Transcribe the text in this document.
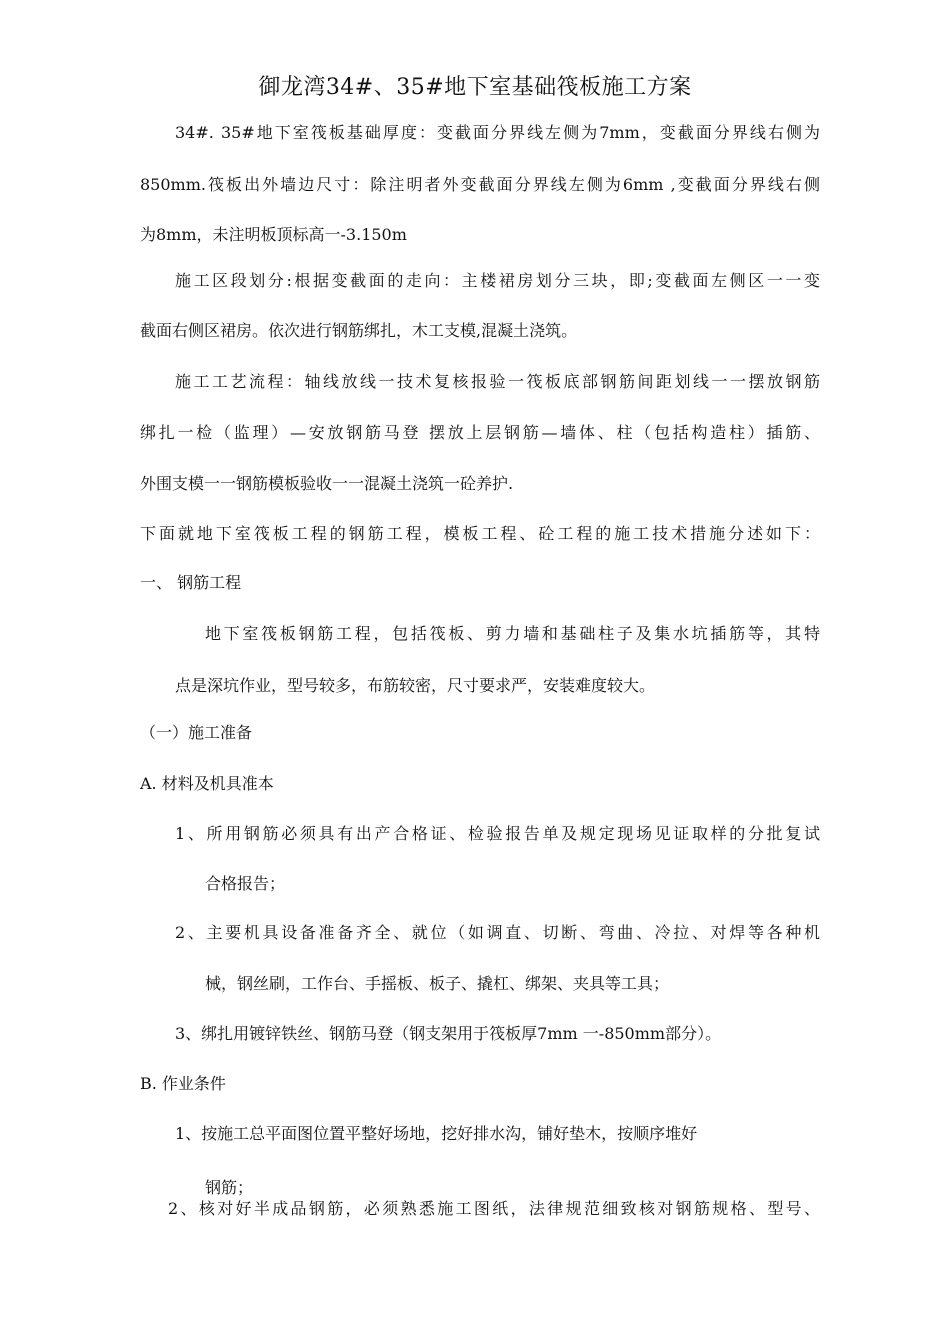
御龙湾34#、35#地下室基础筏板施工方案
34#. 35#地下室筏板基础厚度：变截面分界线左侧为7mm，变截面分界线右侧为
850mm.筏板出外墙边尺寸：除注明者外变截面分界线左侧为6mm ,变截面分界线右侧
为8mm，未注明板顶标高一-3.150m
施工区段划分:根据变截面的走向：主楼裙房划分三块，即;变截面左侧区一一变
截面右侧区裙房。依次进行钢筋绑扎，木工支模,混凝土浇筑。
施工工艺流程：轴线放线一技术复核报验一筏板底部钢筋间距划线一一摆放钢筋
绑扎一检（监理）—安放钢筋马登 摆放上层钢筋—墙体、柱（包括构造柱）插筋、
外围支模一一钢筋模板验收一一混凝土浇筑一砼养护.
下面就地下室筏板工程的钢筋工程，模板工程、砼工程的施工技术措施分述如下：
一、 钢筋工程
地下室筏板钢筋工程，包括筏板、剪力墙和基础柱子及集水坑插筋等，其特
点是深坑作业，型号较多，布筋较密，尺寸要求严，安装难度较大。
（一）施工准备
A. 材料及机具准本
1、所用钢筋必须具有出产合格证、检验报告单及规定现场见证取样的分批复试
合格报告；
2、主要机具设备准备齐全、就位（如调直、切断、弯曲、冷拉、对焊等各种机
械，钢丝刷，工作台、手摇板、板子、撬杠、绑架、夹具等工具；
3、绑扎用镀锌铁丝、钢筋马登（钢支架用于筏板厚7mm 一-850mm部分）。
B. 作业条件
1、按施工总平面图位置平整好场地，挖好排水沟，铺好垫木，按顺序堆好
钢筋；
2、核对好半成品钢筋，必须熟悉施工图纸，法律规范细致核对钢筋规格、型号、
